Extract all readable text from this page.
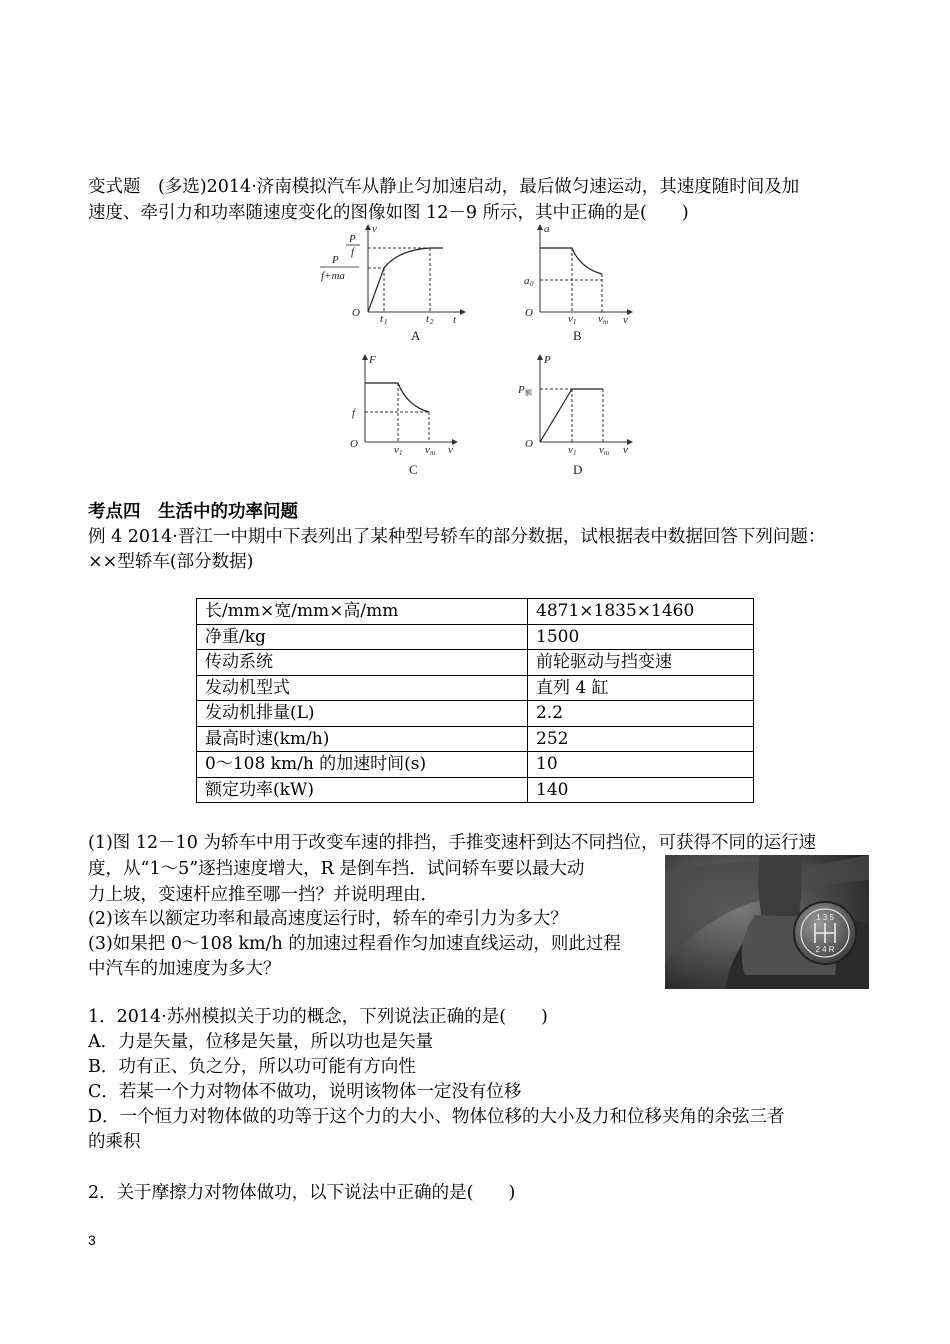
变式题　(多选)2014·济南模拟汽车从静止匀加速启动，最后做匀速运动，其速度随时间及加
速度、牵引力和功率随速度变化的图像如图 12－9 所示，其中正确的是(　　)
v
t
O
P
f
P
f+ma
t 1	t 2
A
a
v
O
a 0
v 1 v m
B
F
v
O
f
v 1 v m
C
P
v
O
P 额
v 1 v m
D
考点四　生活中的功率问题
例 4 2014·晋江一中期中下表列出了某种型号轿车的部分数据，试根据表中数据回答下列问题：
××型轿车(部分数据)
长/mm×宽/mm×高/mm	4871×1835×1460
净重/kg	1500
传动系统	前轮驱动与挡变速
发动机型式	直列 4 缸
发动机排量(L)	2.2
最高时速(km/h)	252
0～108 km/h 的加速时间(s)	10
额定功率(kW)	140
(1)图 12－10 为轿车中用于改变车速的排挡，手推变速杆到达不同挡位，可获得不同的运行速
度，从“1～5”逐挡速度增大，R 是倒车挡．试问轿车要以最大动
力上坡，变速杆应推至哪一挡？并说明理由．
(2)该车以额定功率和最高速度运行时，轿车的牵引力为多大？
(3)如果把 0～108 km/h 的加速过程看作匀加速直线运动，则此过程
中汽车的加速度为多大？
1 3 5
2 4 R
1．2014·苏州模拟关于功的概念，下列说法正确的是(　　)
A．力是矢量，位移是矢量，所以功也是矢量
B．功有正、负之分，所以功可能有方向性
C．若某一个力对物体不做功，说明该物体一定没有位移
D．一个恒力对物体做的功等于这个力的大小、物体位移的大小及力和位移夹角的余弦三者
的乘积
2．关于摩擦力对物体做功，以下说法中正确的是(　　)
3
